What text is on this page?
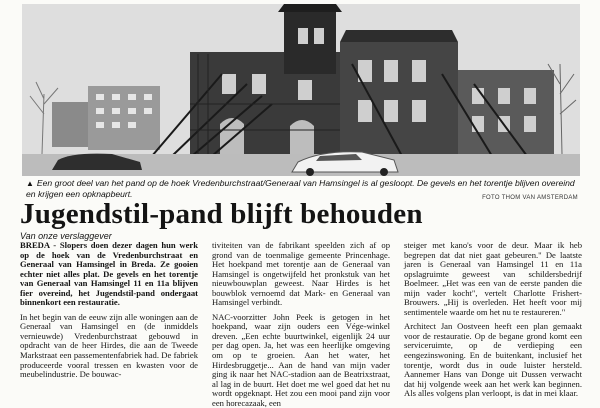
▲ Een groot deel van het pand op de hoek Vredenburchstraat/Generaal van Hamsingel is al gesloopt. De gevels en het torentje blijven overeind en krijgen een opknapbeurt.	FOTO THOM VAN AMSTERDAM
Jugendstil-pand blijft behouden
Van onze verslaggever

BREDA - Slopers doen dezer dagen hun werk op de hoek van de Vredenburchstraat en Generaal van Hamsingel in Breda. Ze gooien echter niet alles plat. De gevels en het torentje van Generaal van Hamsingel 11 en 11a blijven fier overeind, het Jugendstil-pand ondergaat binnenkort een restauratie.

In het begin van de eeuw zijn alle woningen aan de Generaal van Hamsingel en (de inmiddels vernieuwde) Vredenburchstraat gebouwd in opdracht van de heer Hirdes, die aan de Tweede Markstraat een passementenfabriek had. De fabriek produceerde vooral tressen en kwasten voor de meubelindustrie. De bouwac-

tiviteiten van de fabrikant speelden zich af op grond van de toenmalige gemeente Princenhage. Het hoekpand met torentje aan de Generaal van Hamsingel is ongetwijfeld het pronkstuk van het nieuwbouwplan geweest. Naar Hirdes is het bouwblok vernoemd dat Mark- en Generaal van Hamsingel verbindt.

NAC-voorzitter John Peek is getogen in het hoekpand, waar zijn ouders een Vége-winkel dreven. „Een echte buurtwinkel, eigenlijk 24 uur per dag open. Ja, het was een heerlijke omgeving om op te groeien. Aan het water, het Hirdesbruggetje... Aan de hand van mijn vader ging ik naar het NAC-stadion aan de Beatrixstraat, al lag in de buurt. Het doet me wel goed dat het nu wordt opgeknapt. Het zou een mooi pand zijn voor een horecazaak, een

steiger met kano's voor de deur. Maar ik heb begrepen dat dat niet gaat gebeuren." De laatste jaren is Generaal van Hamsingel 11 en 11a opslagruimte geweest van schildersbedrijf Boelmeer. „Het was een van de eerste panden die mijn vader kocht", vertelt Charlotte Frishert-Brouwers. „Hij is overleden. Het heeft voor mij sentimentele waarde om het nu te restaureren."

Architect Jan Oostveen heeft een plan gemaakt voor de restauratie. Op de begane grond komt een serviceruimte, op de verdieping een eengezinswoning. En de buitenkant, inclusief het torentje, wordt dus in oude luister hersteld. Aannemer Hans van Donge uit Dussen verwacht dat hij volgende week aan het werk kan beginnen. Als alles volgens plan verloopt, is dat in mei klaar.
